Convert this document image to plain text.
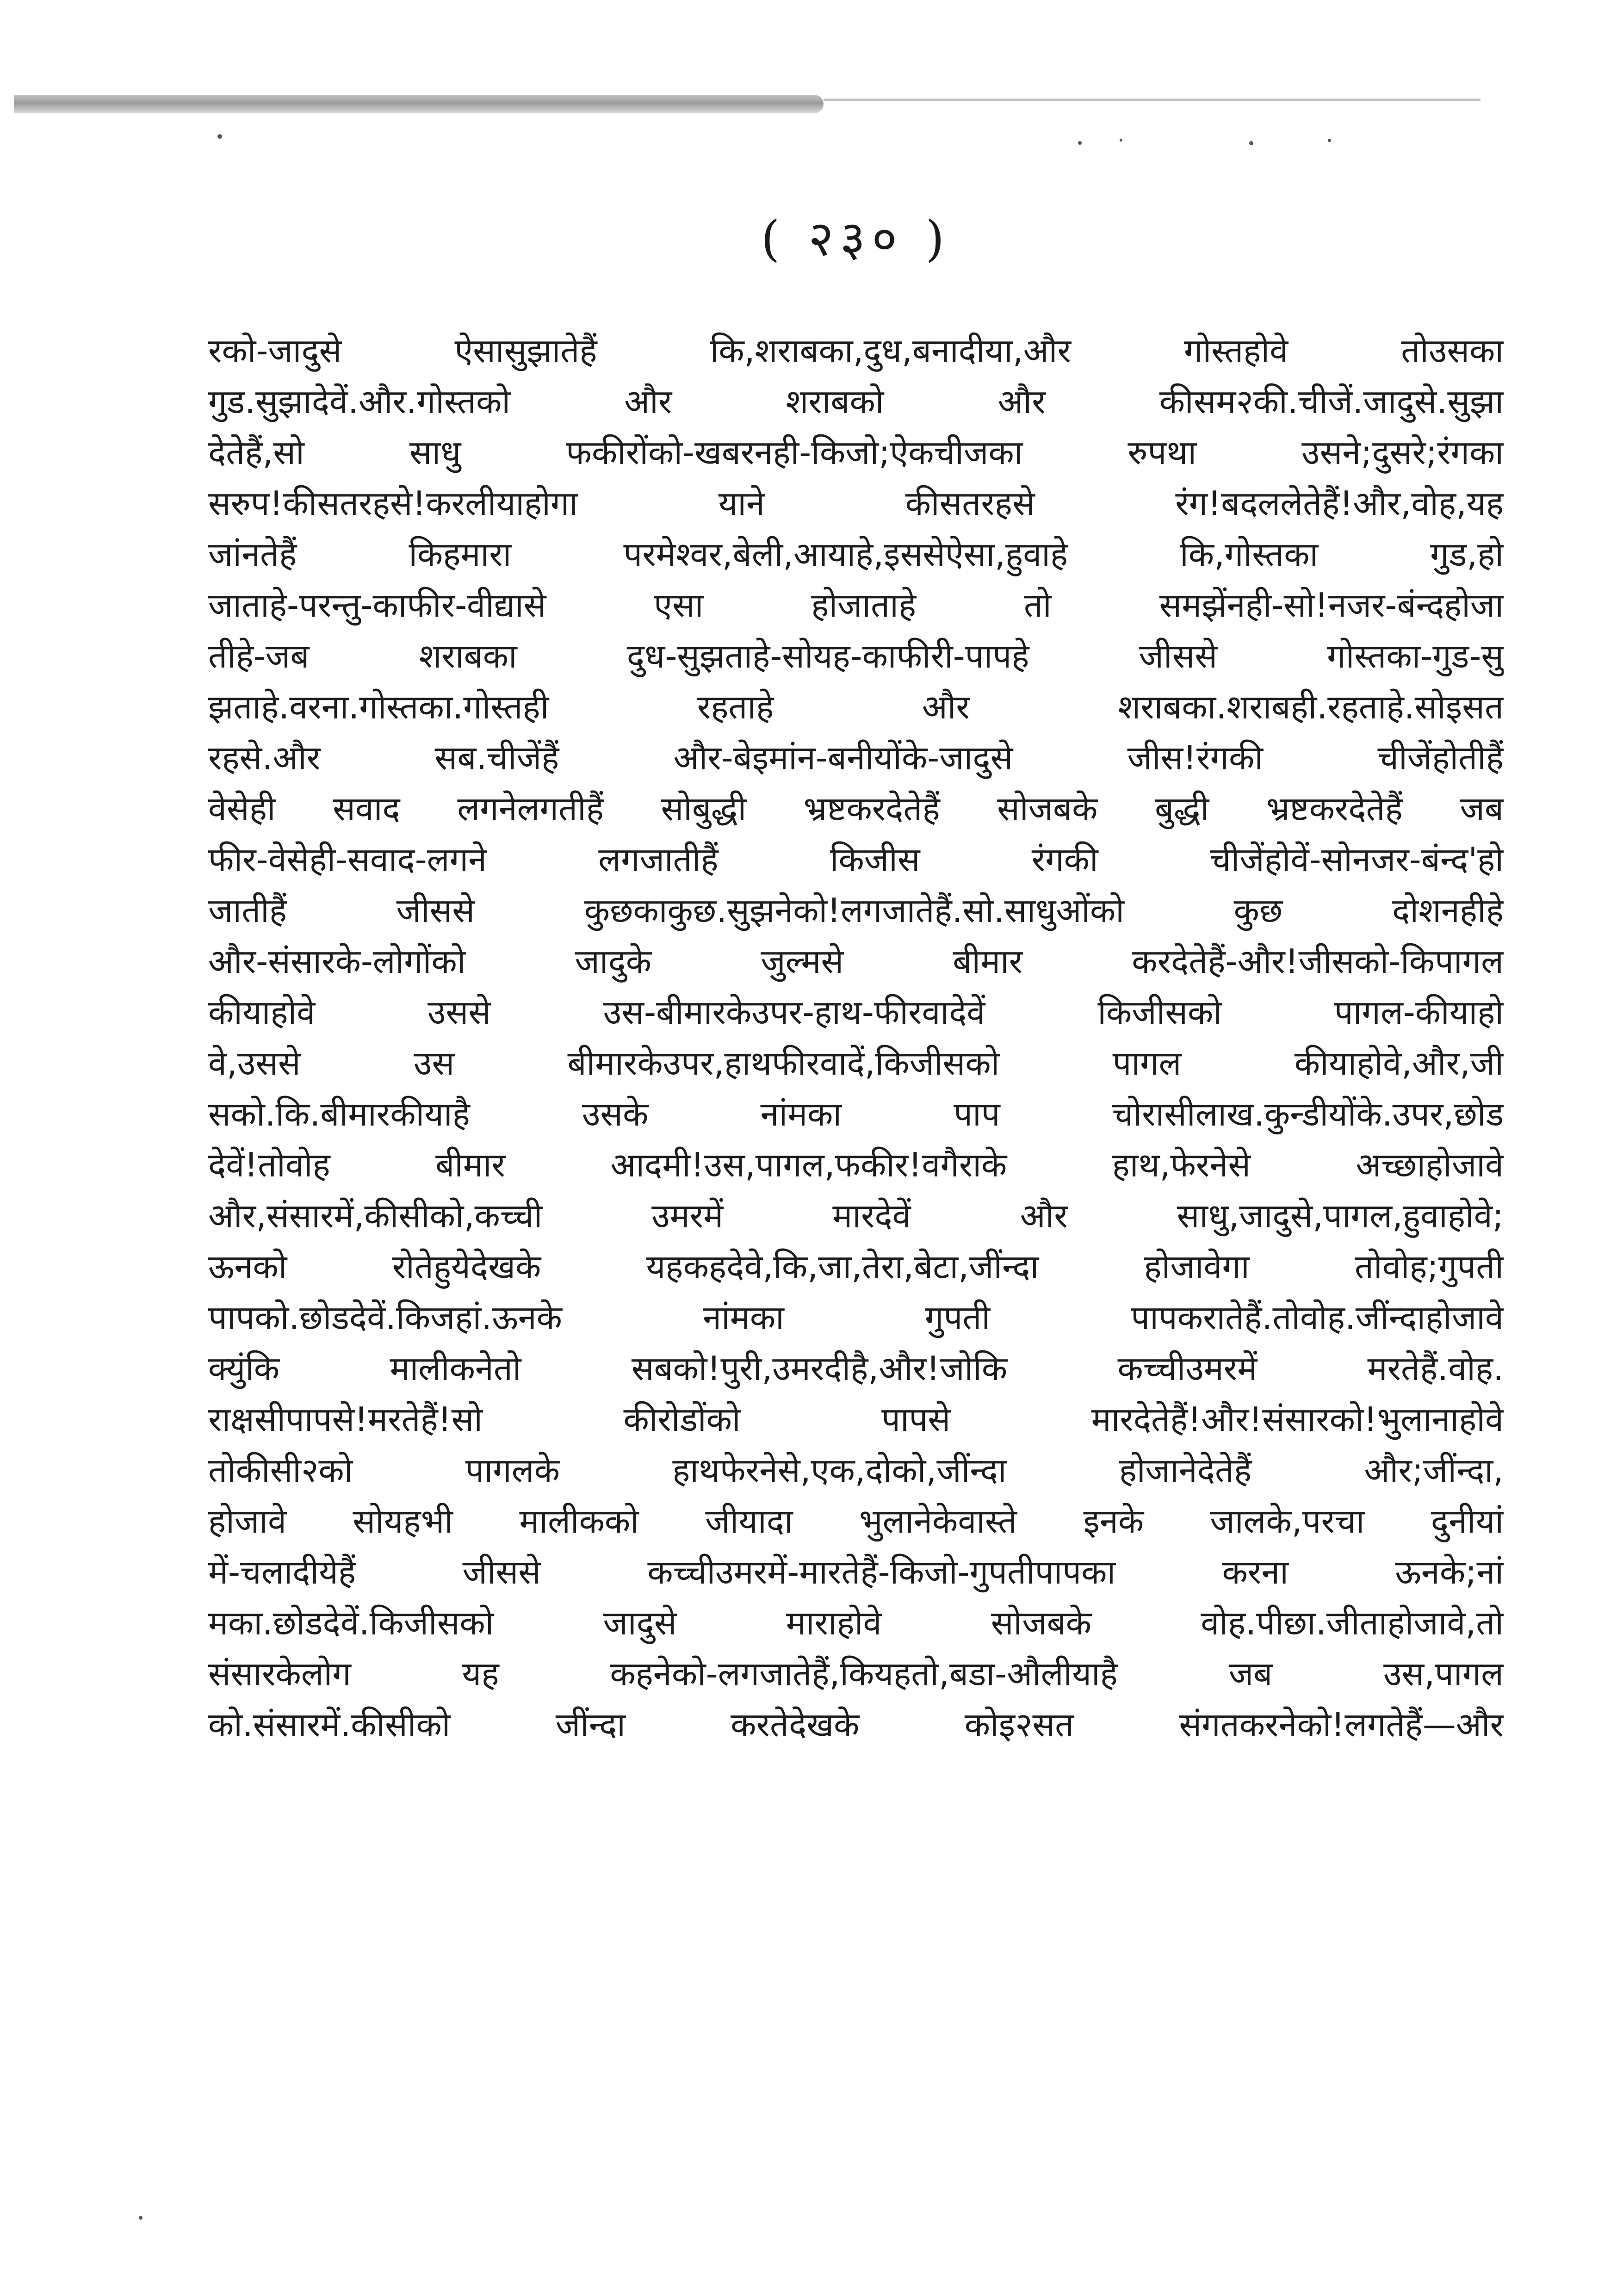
( २३० )
रको-जादुसे ऐसासुझातेहैं कि,शराबका,दुध,बनादीया,और गोस्तहोवे तोउसका
गुड.सुझादेवें.और.गोस्तको और शराबको और कीसम२की.चीजें.जादुसे.सुझा
देतेहैं,सो साधु फकीरोंको-खबरनही-किजो;ऐकचीजका रुपथा उसने;दुसरे;रंगका
सरुप!कीसतरहसे!करलीयाहोगा याने कीसतरहसे रंग!बदललेतेहैं!और,वोह,यह
जांनतेहैं किहमारा परमेश्वर,बेली,आयाहे,इससेऐसा,हुवाहे कि,गोस्तका गुड,हो
जाताहे-परन्तु-काफीर-वीद्यासे एसा होजाताहे तो समझेंनही-सो!नजर-बंन्दहोजा
तीहे-जब शराबका दुध-सुझताहे-सोयह-काफीरी-पापहे जीससे गोस्तका-गुड-सु
झताहे.वरना.गोस्तका.गोस्तही रहताहे और शराबका.शराबही.रहताहे.सोइसत
रहसे.और सब.चीजेंहैं और-बेइमांन-बनीयोंके-जादुसे जीस!रंगकी चीजेंहोतीहैं
वेसेही सवाद लगनेलगतीहैं सोबुद्धी भ्रष्टकरदेतेहैं सोजबके बुद्धी भ्रष्टकरदेतेहैं जब
फीर-वेसेही-सवाद-लगने लगजातीहैं किजीस रंगकी चीजेंहोवें-सोनजर-बंन्द'हो
जातीहैं जीससे कुछकाकुछ.सुझनेको!लगजातेहैं.सो.साधुओंको कुछ दोशनहीहे
और-संसारके-लोगोंको जादुके जुल्मसे बीमार करदेतेहैं-और!जीसको-किपागल
कीयाहोवे उससे उस-बीमारकेउपर-हाथ-फीरवादेवें किजीसको पागल-कीयाहो
वे,उससे उस बीमारकेउपर,हाथफीरवादें,किजीसको पागल कीयाहोवे,और,जी
सको.कि.बीमारकीयाहै उसके नांमका पाप चोरासीलाख.कुन्डीयोंके.उपर,छोड
देवें!तोवोह बीमार आदमी!उस,पागल,फकीर!वगैराके हाथ,फेरनेसे अच्छाहोजावे
और,संसारमें,कीसीको,कच्ची उमरमें मारदेवें और साधु,जादुसे,पागल,हुवाहोवे;
ऊनको रोतेहुयेदेखके यहकहदेवे,कि,जा,तेरा,बेटा,जींन्दा होजावेगा तोवोह;गुपती
पापको.छोडदेवें.किजहां.ऊनके नांमका गुपती पापकरातेहैं.तोवोह.जींन्दाहोजावे
क्युंकि मालीकनेतो सबको!पुरी,उमरदीहै,और!जोकि कच्चीउमरमें मरतेहैं.वोह.
राक्षसीपापसे!मरतेहैं!सो कीरोडोंको पापसे मारदेतेहैं!और!संसारको!भुलानाहोवे
तोकीसी२को पागलके हाथफेरनेसे,एक,दोको,जींन्दा होजानेदेतेहैं और;जींन्दा,
होजावे सोयहभी मालीकको जीयादा भुलानेकेवास्ते इनके जालके,परचा दुनीयां
में-चलादीयेहैं जीससे कच्चीउमरमें-मारतेहैं-किजो-गुपतीपापका करना ऊनके;नां
मका.छोडदेवें.किजीसको जादुसे माराहोवे सोजबके वोह.पीछा.जीताहोजावे,तो
संसारकेलोग यह कहनेको-लगजातेहैं,कियहतो,बडा-औलीयाहै जब उस,पागल
को.संसारमें.कीसीको जींन्दा करतेदेखके कोइ२सत संगतकरनेको!लगतेहैं—और
